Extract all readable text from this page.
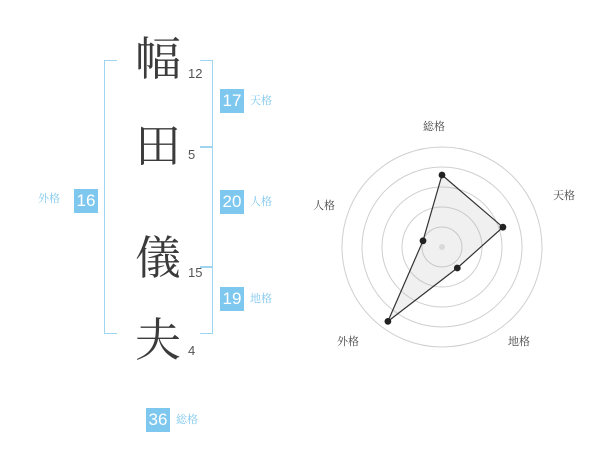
幅 12
田 5
儀 15
夫 4
外格 16
17 天格
20 人格
19 地格
36 総格
総格
天格
地格
外格
人格
